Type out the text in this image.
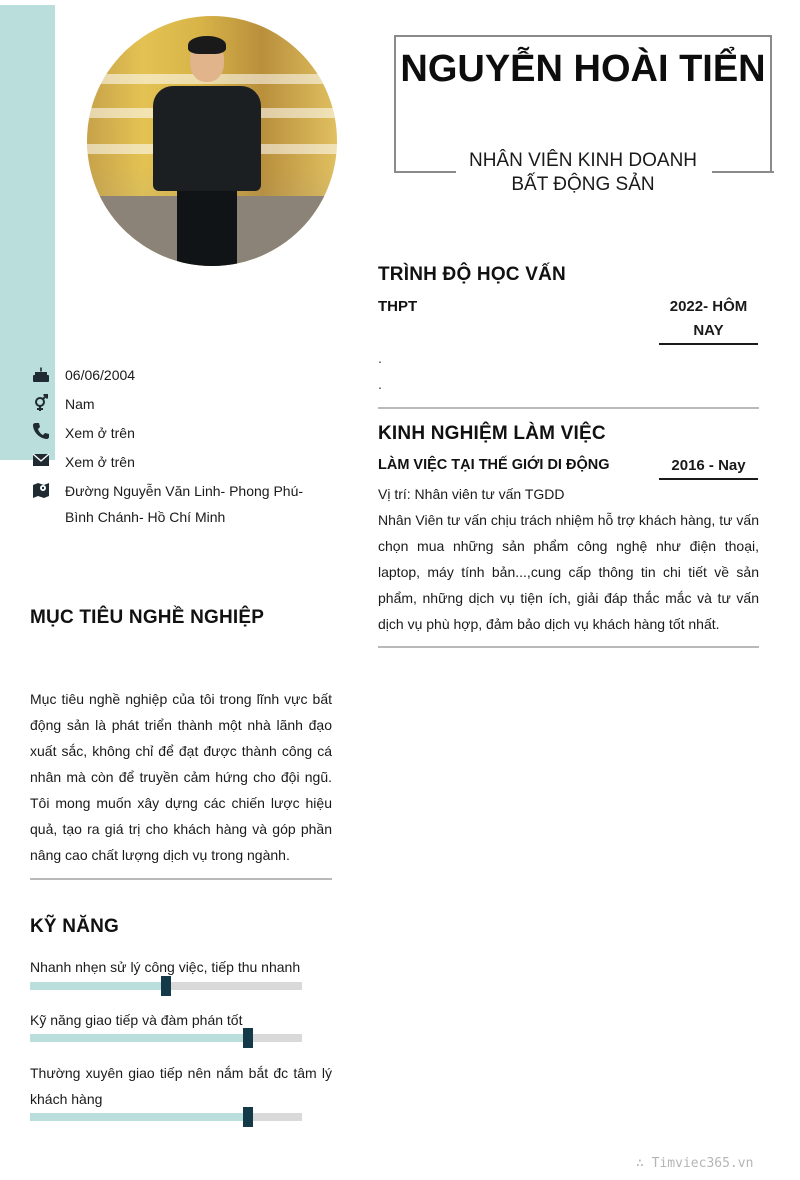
06/06/2004
Nam
Xem ở trên
Xem ở trên
Đường Nguyễn Văn Linh- Phong Phú- Bình Chánh- Hồ Chí Minh
MỤC TIÊU NGHỀ NGHIỆP
Mục tiêu nghề nghiệp của tôi trong lĩnh vực bất động sản là phát triển thành một nhà lãnh đạo xuất sắc, không chỉ để đạt được thành công cá nhân mà còn để truyền cảm hứng cho đội ngũ. Tôi mong muốn xây dựng các chiến lược hiệu quả, tạo ra giá trị cho khách hàng và góp phần nâng cao chất lượng dịch vụ trong ngành.
KỸ NĂNG
Nhanh nhẹn sử lý công việc, tiếp thu nhanh
Kỹ năng giao tiếp và đàm phán tốt
Thường xuyên giao tiếp nên nắm bắt đc tâm lý khách hàng
NGUYỄN HOÀI TIỂN
NHÂN VIÊN KINH DOANH
BẤT ĐỘNG SẢN
TRÌNH ĐỘ HỌC VẤN
THPT	2022- HÔM NAY
.
.
KINH NGHIỆM LÀM VIỆC
LÀM VIỆC TẠI THẾ GIỚI DI ĐỘNG	2016 - Nay
Vị trí: Nhân viên tư vấn TGDD
Nhân Viên tư vấn chịu trách nhiệm hỗ trợ khách hàng, tư vấn chọn mua những sản phẩm công nghệ như điện thoại, laptop, máy tính bản...,cung cấp thông tin chi tiết về sản phẩm, những dịch vụ tiện ích, giải đáp thắc mắc và tư vấn dịch vụ phù hợp, đảm bảo dịch vụ khách hàng tốt nhất.
∴ Timviec365.vn
